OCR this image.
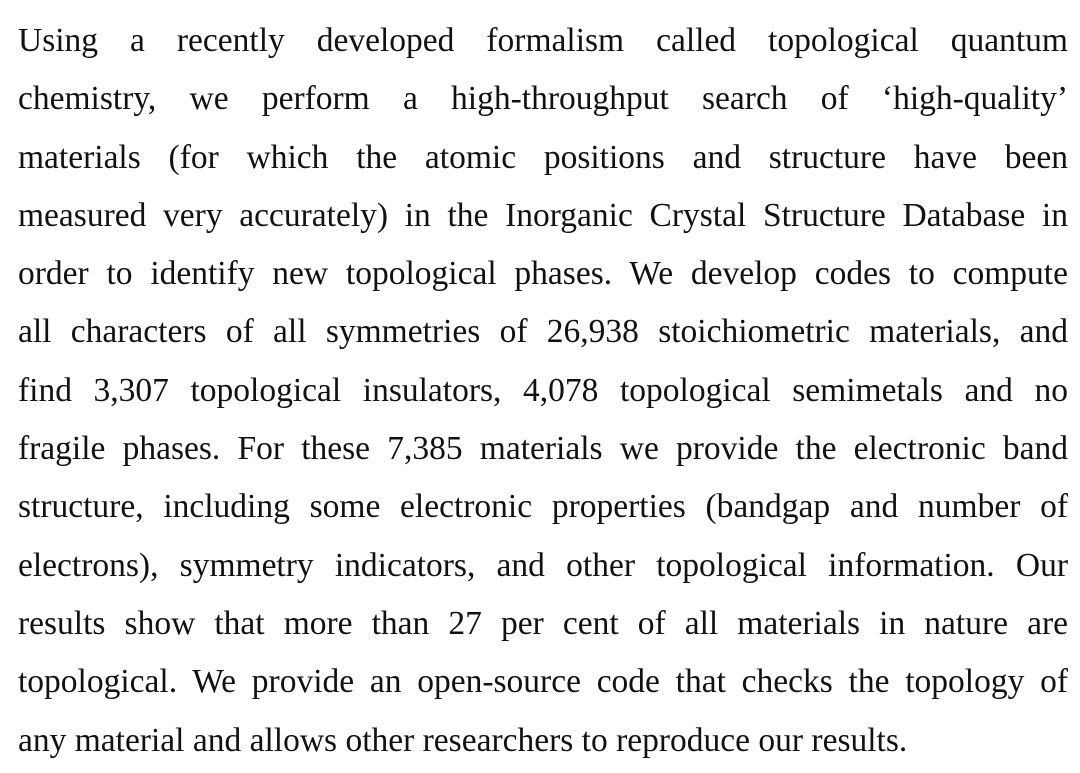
Using a recently developed formalism called topological quantum
chemistry, we perform a high-throughput search of ‘high-quality’
materials (for which the atomic positions and structure have been
measured very accurately) in the Inorganic Crystal Structure Database in
order to identify new topological phases. We develop codes to compute
all characters of all symmetries of 26,938 stoichiometric materials, and
find 3,307 topological insulators, 4,078 topological semimetals and no
fragile phases. For these 7,385 materials we provide the electronic band
structure, including some electronic properties (bandgap and number of
electrons), symmetry indicators, and other topological information. Our
results show that more than 27 per cent of all materials in nature are
topological. We provide an open-source code that checks the topology of
any material and allows other researchers to reproduce our results.
